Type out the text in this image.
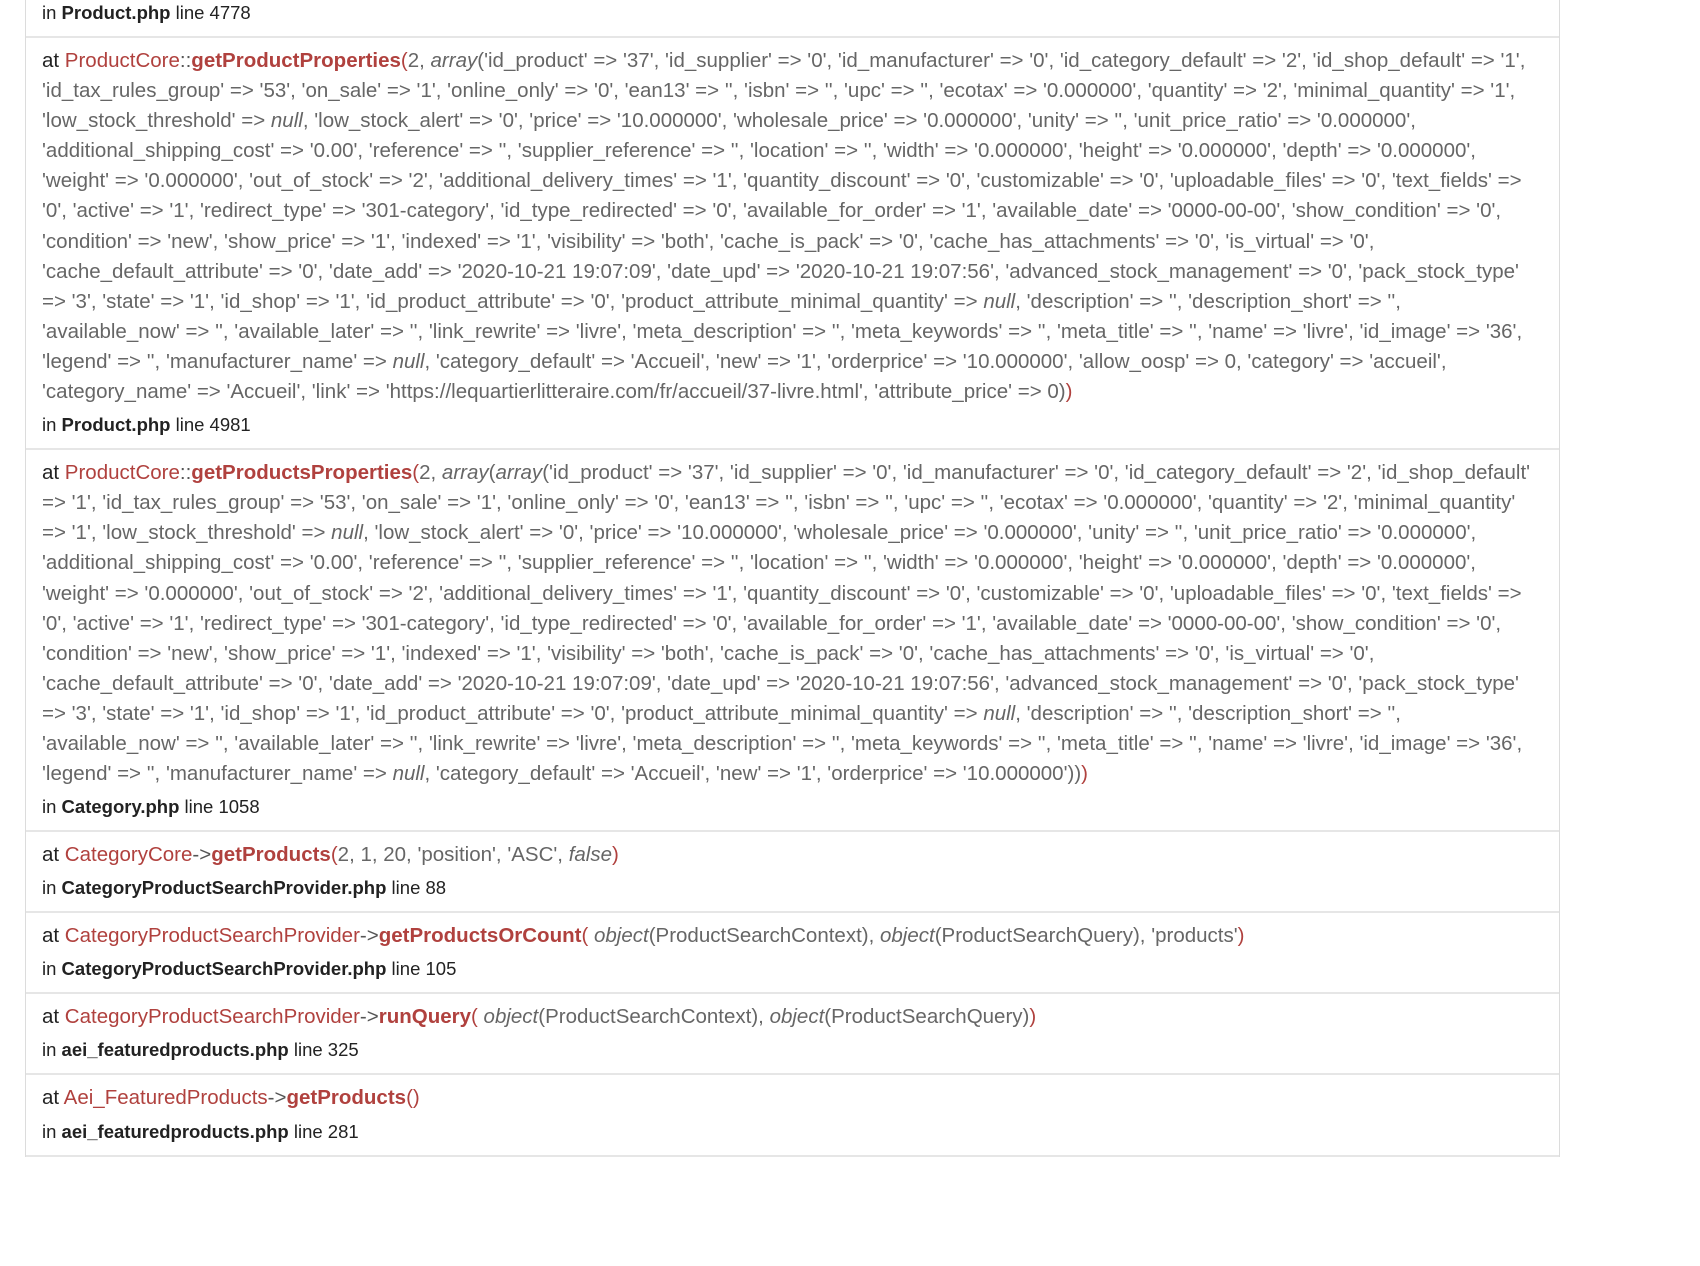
in Product.php line 4778
at ProductCore::getProductProperties(2, array('id_product' => '37', 'id_supplier' => '0', 'id_manufacturer' => '0', 'id_category_default' => '2', 'id_shop_default' => '1', 'id_tax_rules_group' => '53', 'on_sale' => '1', 'online_only' => '0', 'ean13' => '', 'isbn' => '', 'upc' => '', 'ecotax' => '0.000000', 'quantity' => '2', 'minimal_quantity' => '1', 'low_stock_threshold' => null, 'low_stock_alert' => '0', 'price' => '10.000000', 'wholesale_price' => '0.000000', 'unity' => '', 'unit_price_ratio' => '0.000000', 'additional_shipping_cost' => '0.00', 'reference' => '', 'supplier_reference' => '', 'location' => '', 'width' => '0.000000', 'height' => '0.000000', 'depth' => '0.000000', 'weight' => '0.000000', 'out_of_stock' => '2', 'additional_delivery_times' => '1', 'quantity_discount' => '0', 'customizable' => '0', 'uploadable_files' => '0', 'text_fields' => '0', 'active' => '1', 'redirect_type' => '301-category', 'id_type_redirected' => '0', 'available_for_order' => '1', 'available_date' => '0000-00-00', 'show_condition' => '0', 'condition' => 'new', 'show_price' => '1', 'indexed' => '1', 'visibility' => 'both', 'cache_is_pack' => '0', 'cache_has_attachments' => '0', 'is_virtual' => '0', 'cache_default_attribute' => '0', 'date_add' => '2020-10-21 19:07:09', 'date_upd' => '2020-10-21 19:07:56', 'advanced_stock_management' => '0', 'pack_stock_type' => '3', 'state' => '1', 'id_shop' => '1', 'id_product_attribute' => '0', 'product_attribute_minimal_quantity' => null, 'description' => '', 'description_short' => '', 'available_now' => '', 'available_later' => '', 'link_rewrite' => 'livre', 'meta_description' => '', 'meta_keywords' => '', 'meta_title' => '', 'name' => 'livre', 'id_image' => '36', 'legend' => '', 'manufacturer_name' => null, 'category_default' => 'Accueil', 'new' => '1', 'orderprice' => '10.000000', 'allow_oosp' => 0, 'category' => 'accueil', 'category_name' => 'Accueil', 'link' => 'https://lequartierlitteraire.com/fr/accueil/37-livre.html', 'attribute_price' => 0))
in Product.php line 4981
at ProductCore::getProductsProperties(2, array(array('id_product' => '37', 'id_supplier' => '0', 'id_manufacturer' => '0', 'id_category_default' => '2', 'id_shop_default' => '1', 'id_tax_rules_group' => '53', 'on_sale' => '1', 'online_only' => '0', 'ean13' => '', 'isbn' => '', 'upc' => '', 'ecotax' => '0.000000', 'quantity' => '2', 'minimal_quantity' => '1', 'low_stock_threshold' => null, 'low_stock_alert' => '0', 'price' => '10.000000', 'wholesale_price' => '0.000000', 'unity' => '', 'unit_price_ratio' => '0.000000', 'additional_shipping_cost' => '0.00', 'reference' => '', 'supplier_reference' => '', 'location' => '', 'width' => '0.000000', 'height' => '0.000000', 'depth' => '0.000000', 'weight' => '0.000000', 'out_of_stock' => '2', 'additional_delivery_times' => '1', 'quantity_discount' => '0', 'customizable' => '0', 'uploadable_files' => '0', 'text_fields' => '0', 'active' => '1', 'redirect_type' => '301-category', 'id_type_redirected' => '0', 'available_for_order' => '1', 'available_date' => '0000-00-00', 'show_condition' => '0', 'condition' => 'new', 'show_price' => '1', 'indexed' => '1', 'visibility' => 'both', 'cache_is_pack' => '0', 'cache_has_attachments' => '0', 'is_virtual' => '0', 'cache_default_attribute' => '0', 'date_add' => '2020-10-21 19:07:09', 'date_upd' => '2020-10-21 19:07:56', 'advanced_stock_management' => '0', 'pack_stock_type' => '3', 'state' => '1', 'id_shop' => '1', 'id_product_attribute' => '0', 'product_attribute_minimal_quantity' => null, 'description' => '', 'description_short' => '', 'available_now' => '', 'available_later' => '', 'link_rewrite' => 'livre', 'meta_description' => '', 'meta_keywords' => '', 'meta_title' => '', 'name' => 'livre', 'id_image' => '36', 'legend' => '', 'manufacturer_name' => null, 'category_default' => 'Accueil', 'new' => '1', 'orderprice' => '10.000000')))
in Category.php line 1058
at CategoryCore->getProducts(2, 1, 20, 'position', 'ASC', false)
in CategoryProductSearchProvider.php line 88
at CategoryProductSearchProvider->getProductsOrCount( object(ProductSearchContext), object(ProductSearchQuery), 'products')
in CategoryProductSearchProvider.php line 105
at CategoryProductSearchProvider->runQuery( object(ProductSearchContext), object(ProductSearchQuery))
in aei_featuredproducts.php line 325
at Aei_FeaturedProducts->getProducts()
in aei_featuredproducts.php line 281
